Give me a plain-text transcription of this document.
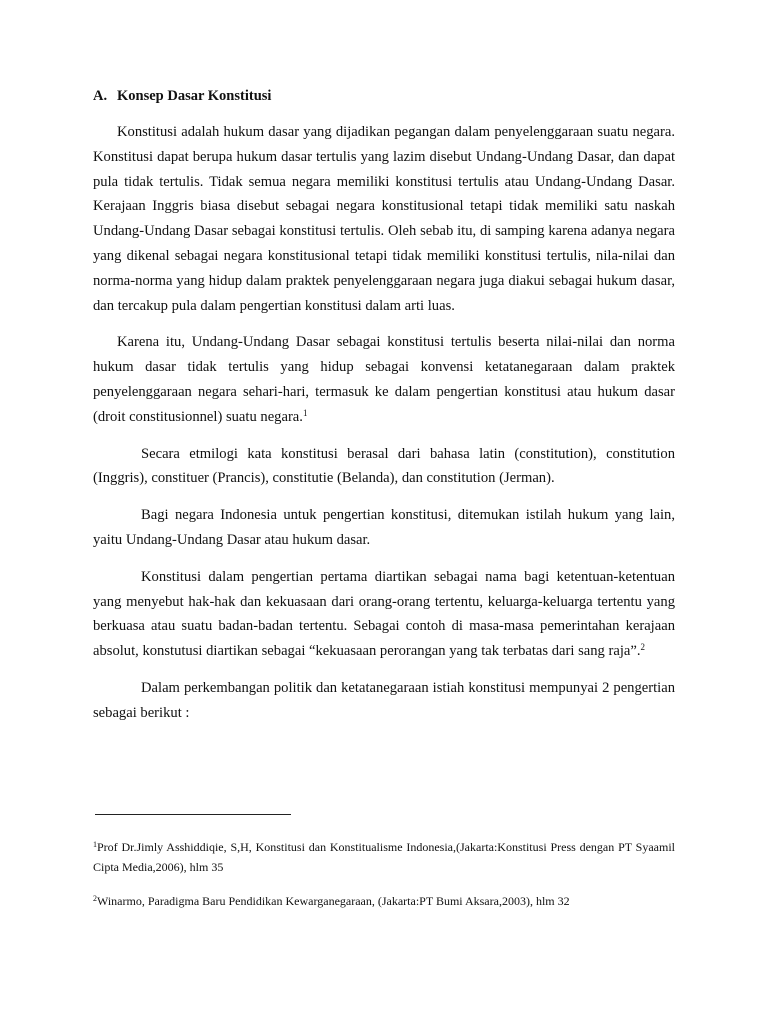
A. Konsep Dasar Konstitusi

Konstitusi adalah hukum dasar yang dijadikan pegangan dalam penyelenggaraan suatu negara. Konstitusi dapat berupa hukum dasar tertulis yang lazim disebut Undang-Undang Dasar, dan dapat pula tidak tertulis. Tidak semua negara memiliki konstitusi tertulis atau Undang-Undang Dasar. Kerajaan Inggris biasa disebut sebagai negara konstitusional tetapi tidak memiliki satu naskah Undang-Undang Dasar sebagai konstitusi tertulis. Oleh sebab itu, di samping karena adanya negara yang dikenal sebagai negara konstitusional tetapi tidak memiliki konstitusi tertulis, nila-nilai dan norma-norma yang hidup dalam praktek penyelenggaraan negara juga diakui sebagai hukum dasar, dan tercakup pula dalam pengertian konstitusi dalam arti luas.

Karena itu, Undang-Undang Dasar sebagai konstitusi tertulis beserta nilai-nilai dan norma hukum dasar tidak tertulis yang hidup sebagai konvensi ketatanegaraan dalam praktek penyelenggaraan negara sehari-hari, termasuk ke dalam pengertian konstitusi atau hukum dasar (droit constitusionnel) suatu negara.$^1$

Secara etmilogi kata konstitusi berasal dari bahasa latin (constitution), constitution (Inggris), constituer (Prancis), constitutie (Belanda), dan constitution (Jerman).

Bagi negara Indonesia untuk pengertian konstitusi, ditemukan istilah hukum yang lain, yaitu Undang-Undang Dasar atau hukum dasar.

Konstitusi dalam pengertian pertama diartikan sebagai nama bagi ketentuan-ketentuan yang menyebut hak-hak dan kekuasaan dari orang-orang tertentu, keluarga-keluarga tertentu yang berkuasa atau suatu badan-badan tertentu. Sebagai contoh di masa-masa pemerintahan kerajaan absolut, konstutusi diartikan sebagai “kekuasaan perorangan yang tak terbatas dari sang raja”.$^2$

Dalam perkembangan politik dan ketatanegaraan istiah konstitusi mempunyai 2 pengertian sebagai berikut :

$^1$Prof Dr.Jimly Asshiddiqie, S,H, Konstitusi dan Konstitualisme Indonesia,(Jakarta:Konstitusi Press dengan PT Syaamil Cipta Media,2006), hlm 35

$^2$Winarmo, Paradigma Baru Pendidikan Kewarganegaraan, (Jakarta:PT Bumi Aksara,2003), hlm 32
